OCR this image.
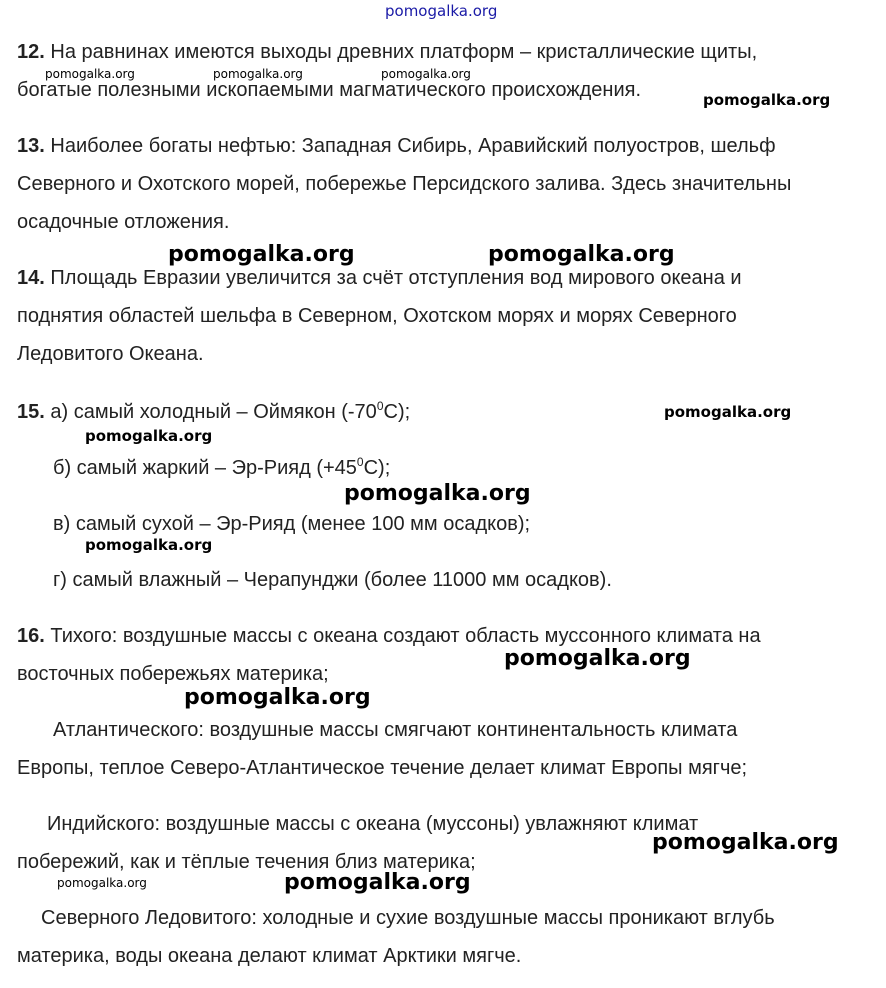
pomogalka.org
12. На равнинах имеются выходы древних платформ – кристаллические щиты,
богатые полезными ископаемыми магматического происхождения.
13. Наиболее богаты нефтью: Западная Сибирь, Аравийский полуостров, шельф
Северного и Охотского морей, побережье Персидского залива. Здесь значительны
осадочные отложения.
14. Площадь Евразии увеличится за счёт отступления вод мирового океана и
поднятия областей шельфа в Северном, Охотском морях и морях Северного
Ледовитого Океана.
15. а) самый холодный – Оймякон $(-70^0С)$;
б) самый жаркий – Эр-Рияд $(+45^0С)$;
в) самый сухой – Эр-Рияд (менее 100 мм осадков);
г) самый влажный – Черапунджи (более 11000 мм осадков).
16. Тихого: воздушные массы с океана создают область муссонного климата на
восточных побережьях материка;
Атлантического: воздушные массы смягчают континентальность климата
Европы, теплое Северо-Атлантическое течение делает климат Европы мягче;
Индийского: воздушные массы с океана (муссоны) увлажняют климат
побережий, как и тёплые течения близ материка;
Северного Ледовитого: холодные и сухие воздушные массы проникают вглубь
материка, воды океана делают климат Арктики мягче.
pomogalka.org	pomogalka.org	pomogalka.org
pomogalka.org
pomogalka.org	pomogalka.org
pomogalka.org
pomogalka.org
pomogalka.org
pomogalka.org
pomogalka.org
pomogalka.org
pomogalka.org
pomogalka.org	pomogalka.org
